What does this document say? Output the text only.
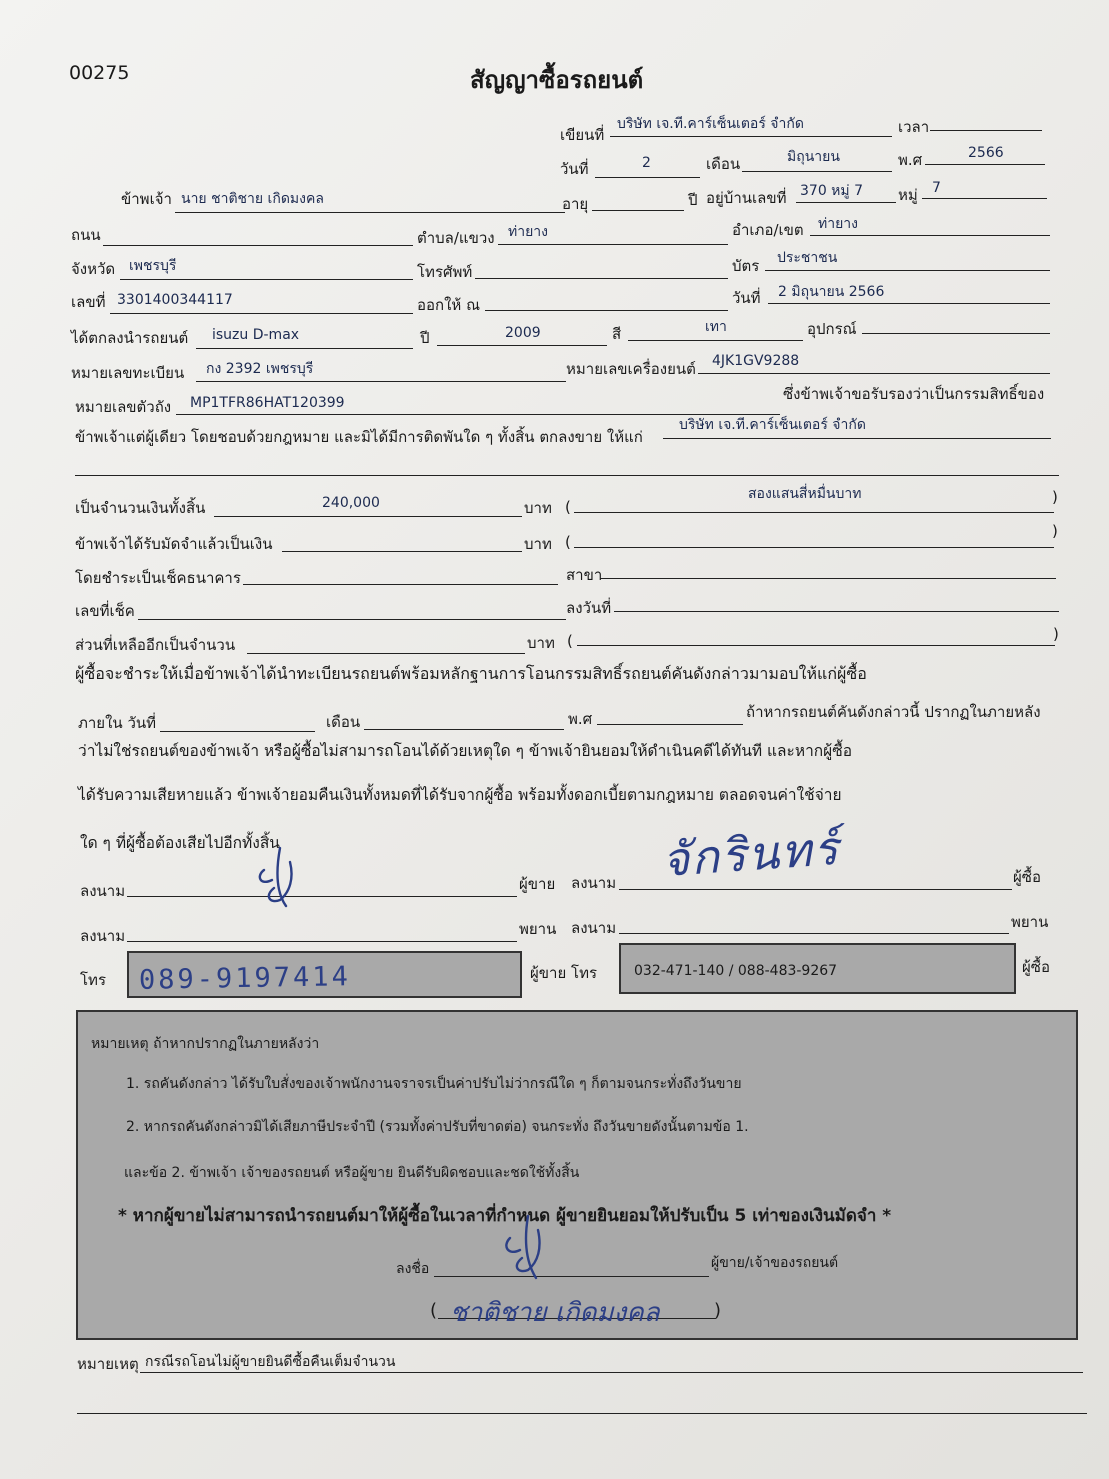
00275	สัญญาซื้อรถยนต์
เขียนที่
บริษัท เจ.ที.คาร์เซ็นเตอร์ จำกัด	เวลา
วันที่	2	เดือน	มิถุนายน	พ.ศ	2566
ข้าพเจ้า นาย ชาติชาย เกิดมงคล	อายุ	ปี อยู่บ้านเลขที่ 370 หมู่ 7 หมู่ 7
ถนน	ตำบล/แขวง ท่ายาง	อำเภอ/เขต ท่ายาง
จังหวัด เพชรบุรี	โทรศัพท์	บัตร ประชาชน
เลขที่ 3301400344117	ออกให้ ณ	วันที่ 2 มิถุนายน 2566
ได้ตกลงนำรถยนต์ isuzu D-max	ปี	2009	สี	เทา	อุปกรณ์
หมายเลขทะเบียน กง 2392 เพชรบุรี	หมายเลขเครื่องยนต์ 4JK1GV9288
หมายเลขตัวถัง MP1TFR86HAT120399	ซึ่งข้าพเจ้าขอรับรองว่าเป็นกรรมสิทธิ์ของ
ข้าพเจ้าแต่ผู้เดียว โดยชอบด้วยกฎหมาย และมิได้มีการติดพันใด ๆ ทั้งสิ้น ตกลงขาย ให้แก่
บริษัท เจ.ที.คาร์เซ็นเตอร์ จำกัด
เป็นจำนวนเงินทั้งสิ้น	240,000	บาท (
สองแสนสี่หมื่นบาท	)
ข้าพเจ้าได้รับมัดจำแล้วเป็นเงิน	บาท (
)
โดยชำระเป็นเช็คธนาคาร	สาขา
เลขที่เช็ค	ลงวันที่
ส่วนที่เหลืออีกเป็นจำนวน	บาท (	)
ผู้ซื้อจะชำระให้เมื่อข้าพเจ้าได้นำทะเบียนรถยนต์พร้อมหลักฐานการโอนกรรมสิทธิ์รถยนต์คันดังกล่าวมามอบให้แก่ผู้ซื้อ
ภายใน วันที่	เดือน	พ.ศ	ถ้าหากรถยนต์คันดังกล่าวนี้ ปรากฏในภายหลัง
ว่าไม่ใช่รถยนต์ของข้าพเจ้า หรือผู้ซื้อไม่สามารถโอนได้ด้วยเหตุใด ๆ ข้าพเจ้ายินยอมให้ดำเนินคดีได้ทันที และหากผู้ซื้อ
ได้รับความเสียหายแล้ว ข้าพเจ้ายอมคืนเงินทั้งหมดที่ได้รับจากผู้ซื้อ พร้อมทั้งดอกเบี้ยตามกฎหมาย ตลอดจนค่าใช้จ่าย
ใด ๆ ที่ผู้ซื้อต้องเสียไปอีกทั้งสิ้น
ลงนาม	ผู้ขาย ลงนาม	ผู้ซื้อ
จักรินทร์
ลงนาม	พยาน ลงนาม	พยาน
โทร 089-9197414	ผู้ขาย โทร	032-471-140 / 088-483-9267	ผู้ซื้อ
หมายเหตุ ถ้าหากปรากฏในภายหลังว่า
1. รถคันดังกล่าว ได้รับใบสั่งของเจ้าพนักงานจราจรเป็นค่าปรับไม่ว่ากรณีใด ๆ ก็ตามจนกระทั่งถึงวันขาย
2. หากรถคันดังกล่าวมิได้เสียภาษีประจำปี (รวมทั้งค่าปรับที่ขาดต่อ) จนกระทั่ง ถึงวันขายดังนั้นตามข้อ 1.
และข้อ 2. ข้าพเจ้า เจ้าของรถยนต์ หรือผู้ขาย ยินดีรับผิดชอบและชดใช้ทั้งสิ้น
* หากผู้ขายไม่สามารถนำรถยนต์มาให้ผู้ซื้อในเวลาที่กำหนด ผู้ขายยินยอมให้ปรับเป็น 5 เท่าของเงินมัดจำ *
ลงชื่อ	ผู้ขาย/เจ้าของรถยนต์
( ชาติชาย เกิดมงคล	)
หมายเหตุ กรณีรถโอนไม่ผู้ขายยินดีซื้อคืนเต็มจำนวน
